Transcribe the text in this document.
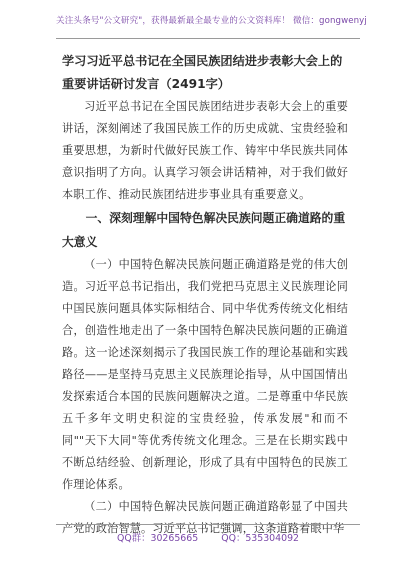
关注头条号"公文研究"，获得最新最全最专业的公文资料库！ 微信：gongwenyj

学习习近平总书记在全国民族团结进步表彰大会上的重要讲话研讨发言（2491字）

习近平总书记在全国民族团结进步表彰大会上的重要讲话，深刻阐述了我国民族工作的历史成就、宝贵经验和重要思想，为新时代做好民族工作、铸牢中华民族共同体意识指明了方向。认真学习领会讲话精神，对于我们做好本职工作、推动民族团结进步事业具有重要意义。

一、深刻理解中国特色解决民族问题正确道路的重大意义

（一）中国特色解决民族问题正确道路是党的伟大创造。习近平总书记指出，我们党把马克思主义民族理论同中国民族问题具体实际相结合、同中华优秀传统文化相结合，创造性地走出了一条中国特色解决民族问题的正确道路。这一论述深刻揭示了我国民族工作的理论基础和实践路径——是坚持马克思主义民族理论指导，从中国国情出发探索适合本国的民族问题解决之道。二是尊重中华民族五千多年文明史积淀的宝贵经验，传承发展"和而不同""天下大同"等优秀传统文化理念。三是在长期实践中不断总结经验、创新理论，形成了具有中国特色的民族工作理论体系。

（二）中国特色解决民族问题正确道路彰显了中国共产党的政治智慧。习近平总书记强调，这条道路着眼中华

QQ群：30265665 QQ：535304092
